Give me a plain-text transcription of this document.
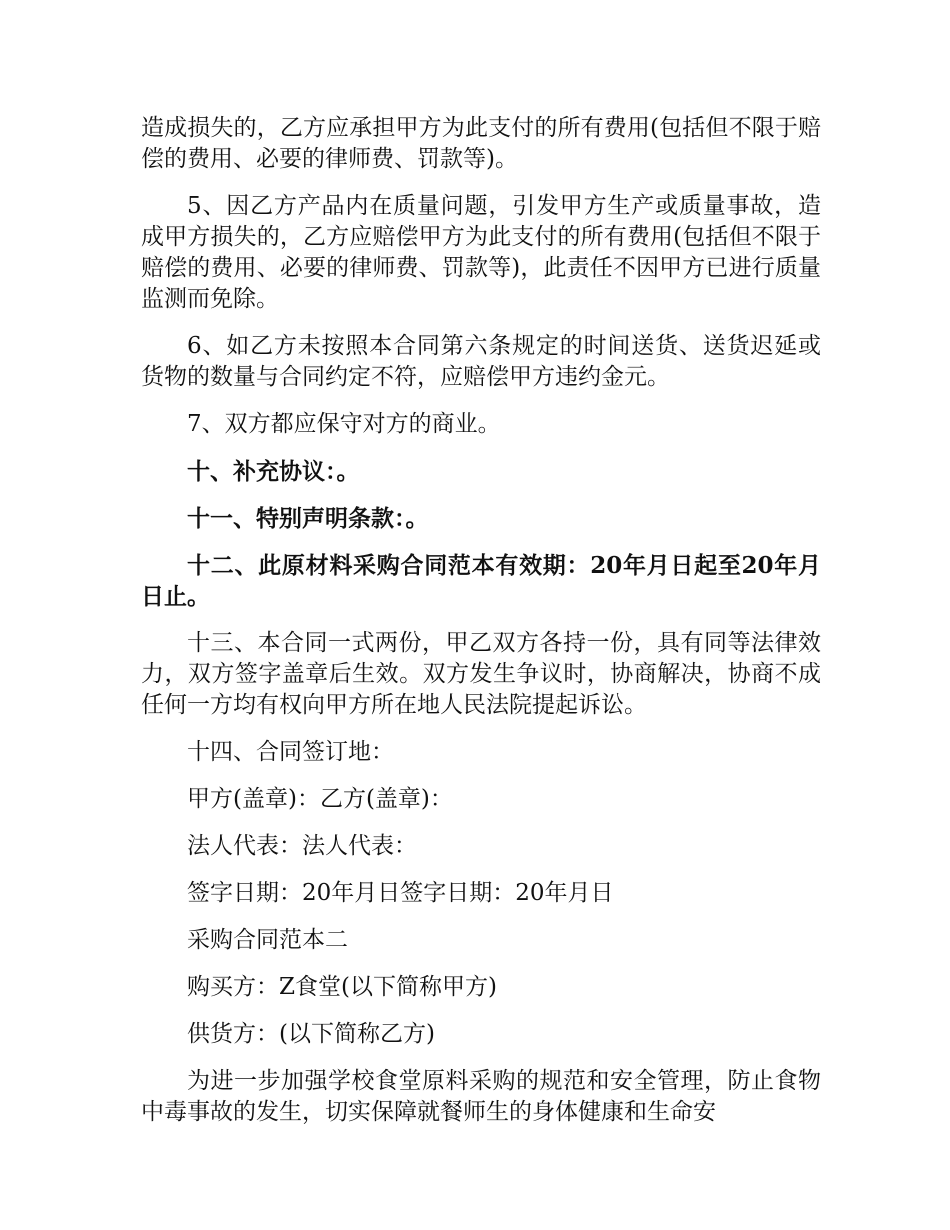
造成损失的，乙方应承担甲方为此支付的所有费用(包括但不限于赔偿的费用、必要的律师费、罚款等)。

5、因乙方产品内在质量问题，引发甲方生产或质量事故，造成甲方损失的，乙方应赔偿甲方为此支付的所有费用(包括但不限于赔偿的费用、必要的律师费、罚款等)，此责任不因甲方已进行质量监测而免除。

6、如乙方未按照本合同第六条规定的时间送货、送货迟延或货物的数量与合同约定不符，应赔偿甲方违约金元。

7、双方都应保守对方的商业。

十、补充协议：。

十一、特别声明条款：。

十二、此原材料采购合同范本有效期：20年月日起至20年月日止。

十三、本合同一式两份，甲乙双方各持一份，具有同等法律效力，双方签字盖章后生效。双方发生争议时，协商解决，协商不成任何一方均有权向甲方所在地人民法院提起诉讼。

十四、合同签订地：

甲方(盖章)：乙方(盖章)：

法人代表：法人代表：

签字日期：20年月日签字日期：20年月日

采购合同范本二

购买方：Z食堂(以下简称甲方)

供货方：(以下简称乙方)

为进一步加强学校食堂原料采购的规范和安全管理，防止食物中毒事故的发生，切实保障就餐师生的身体健康和生命安
